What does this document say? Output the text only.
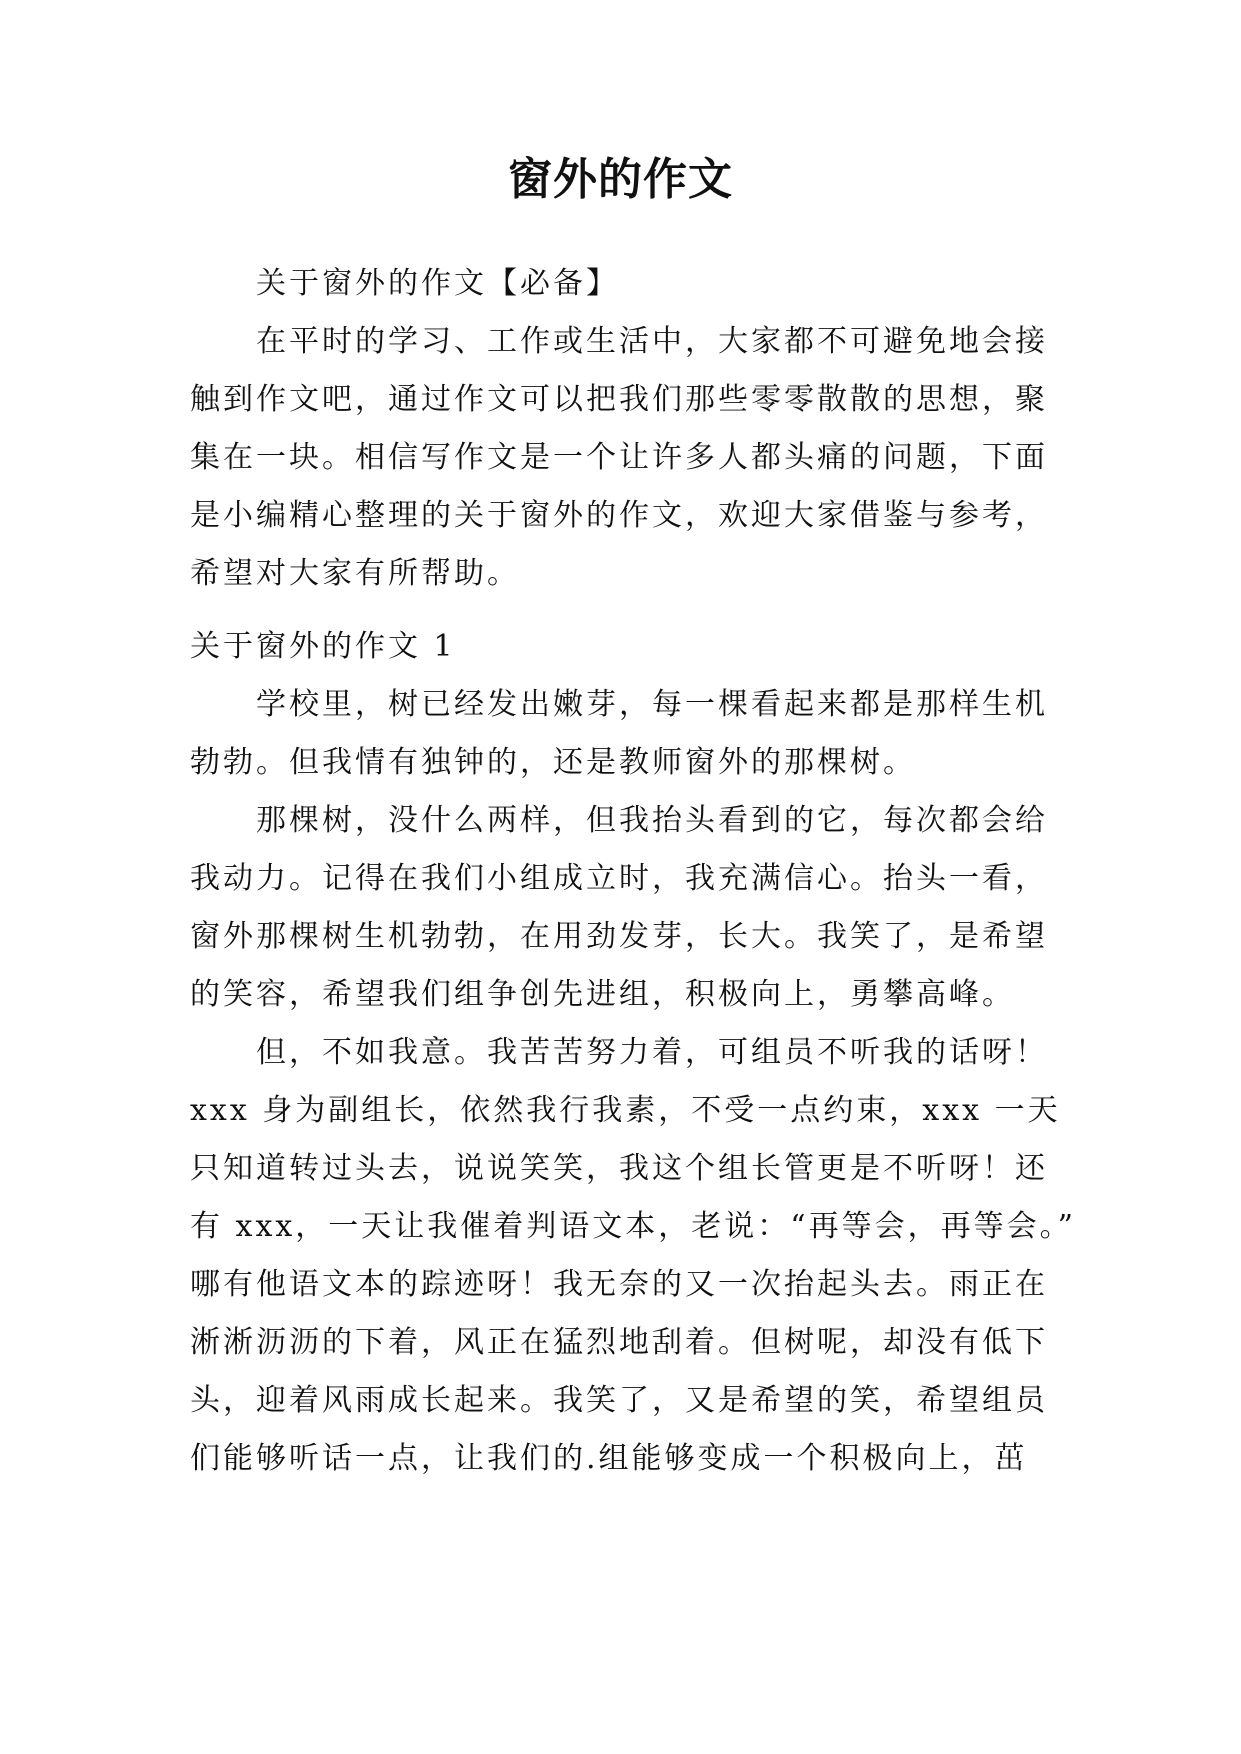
窗外的作文
关于窗外的作文【必备】
在平时的学习、工作或生活中，大家都不可避免地会接
触到作文吧，通过作文可以把我们那些零零散散的思想，聚
集在一块。相信写作文是一个让许多人都头痛的问题，下面
是小编精心整理的关于窗外的作文，欢迎大家借鉴与参考，
希望对大家有所帮助。
关于窗外的作文 1
学校里，树已经发出嫩芽，每一棵看起来都是那样生机
勃勃。但我情有独钟的，还是教师窗外的那棵树。
那棵树，没什么两样，但我抬头看到的它，每次都会给
我动力。记得在我们小组成立时，我充满信心。抬头一看，
窗外那棵树生机勃勃，在用劲发芽，长大。我笑了，是希望
的笑容，希望我们组争创先进组，积极向上，勇攀高峰。
但，不如我意。我苦苦努力着，可组员不听我的话呀！
xxx 身为副组长，依然我行我素，不受一点约束，xxx 一天
只知道转过头去，说说笑笑，我这个组长管更是不听呀！还
有 xxx，一天让我催着判语文本，老说：“再等会，再等会。”
哪有他语文本的踪迹呀！我无奈的又一次抬起头去。雨正在
淅淅沥沥的下着，风正在猛烈地刮着。但树呢，却没有低下
头，迎着风雨成长起来。我笑了，又是希望的笑，希望组员
们能够听话一点，让我们的.组能够变成一个积极向上，茁
